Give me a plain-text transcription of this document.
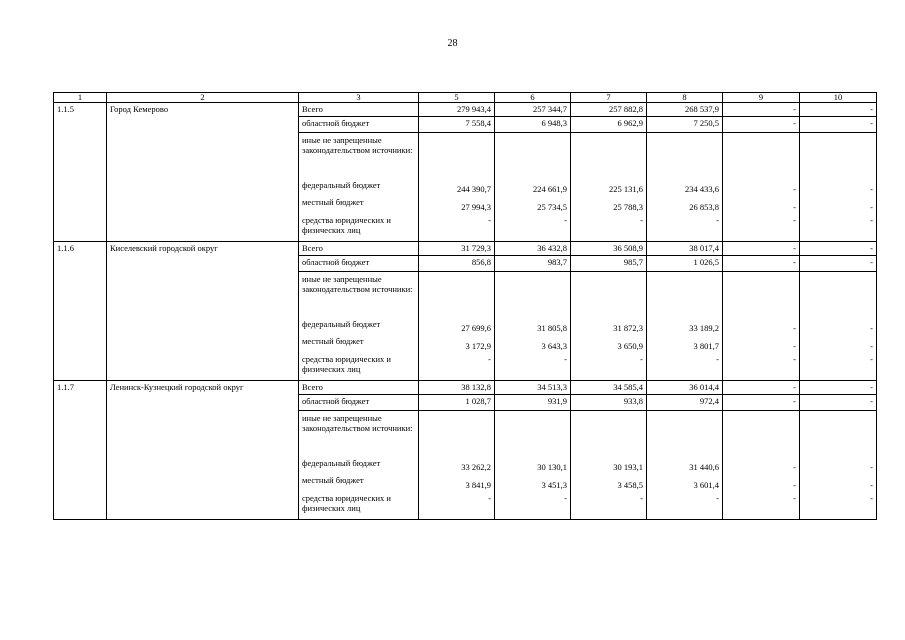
28
1	2	3	5	6	7	8	9	10
1.1.5	Город Кемерово	Всего	279 943,4	257 344,7	257 882,8	268 537,9	-	-
		областной бюджет	7 558,4	6 948,3	6 962,9	7 250,5	-	-
		иные не запрещенные законодательством источники:						
		федеральный бюджет	244 390,7	224 661,9	225 131,6	234 433,6	-	-
		местный бюджет	27 994,3	25 734,5	25 788,3	26 853,8	-	-
		средства юридических и физических лиц	-	-	-	-	-	-
1.1.6	Киселевский городской округ	Всего	31 729,3	36 432,8	36 508,9	38 017,4	-	-
		областной бюджет	856,8	983,7	985,7	1 026,5	-	-
		иные не запрещенные законодательством источники:						
		федеральный бюджет	27 699,6	31 805,8	31 872,3	33 189,2	-	-
		местный бюджет	3 172,9	3 643,3	3 650,9	3 801,7	-	-
		средства юридических и физических лиц	-	-	-	-	-	-
1.1.7	Ленинск-Кузнецкий городской округ	Всего	38 132,8	34 513,3	34 585,4	36 014,4	-	-
		областной бюджет	1 028,7	931,9	933,8	972,4	-	-
		иные не запрещенные законодательством источники:						
		федеральный бюджет	33 262,2	30 130,1	30 193,1	31 440,6	-	-
		местный бюджет	3 841,9	3 451,3	3 458,5	3 601,4	-	-
		средства юридических и физических лиц	-	-	-	-	-	-
